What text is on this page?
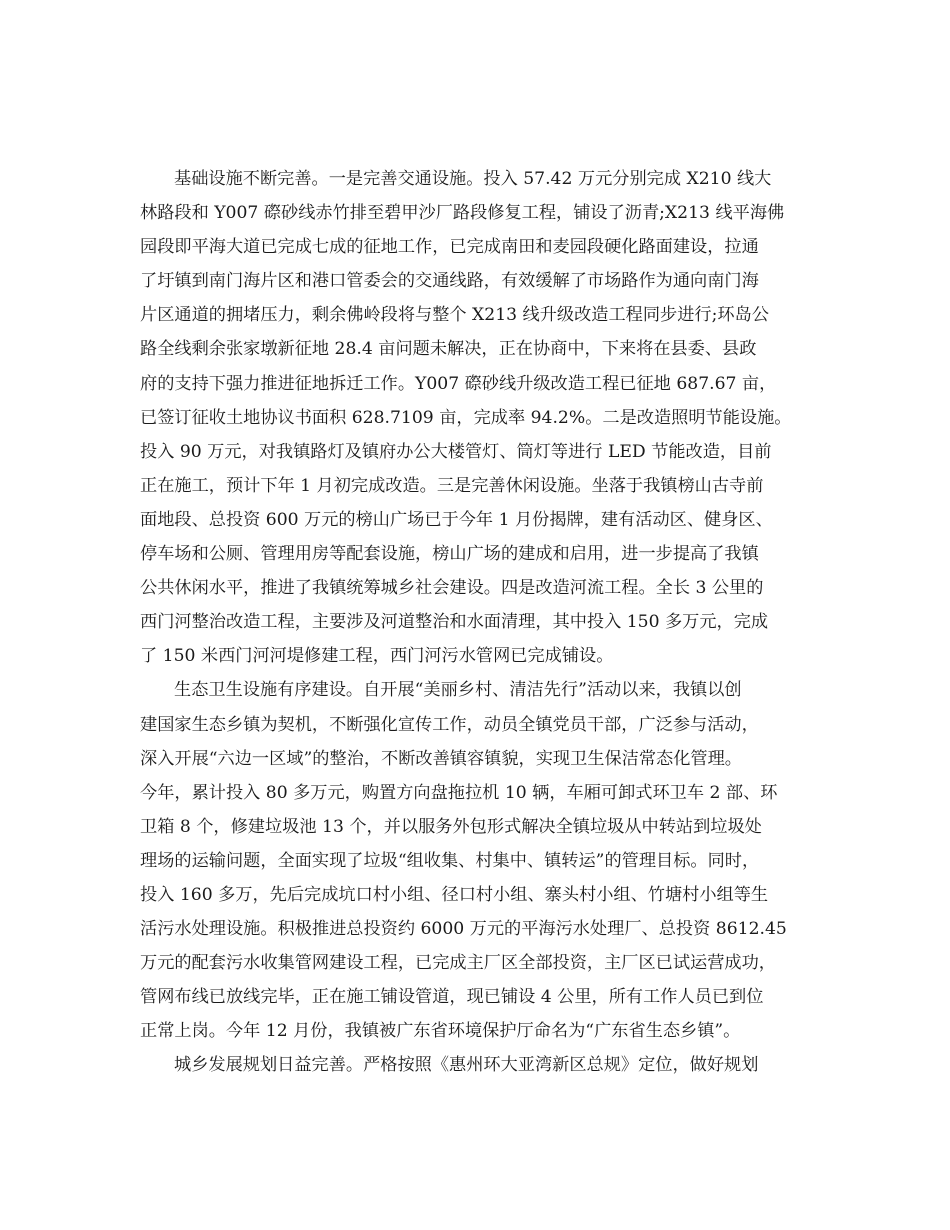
基础设施不断完善。一是完善交通设施。投入 57.42 万元分别完成 X210 线大
林路段和 Y007 磜砂线赤竹排至碧甲沙厂路段修复工程，铺设了沥青;X213 线平海佛
园段即平海大道已完成七成的征地工作，已完成南田和麦园段硬化路面建设，拉通
了圩镇到南门海片区和港口管委会的交通线路，有效缓解了市场路作为通向南门海
片区通道的拥堵压力，剩余佛岭段将与整个 X213 线升级改造工程同步进行;环岛公
路全线剩余张家墩新征地 28.4 亩问题未解决，正在协商中，下来将在县委、县政
府的支持下强力推进征地拆迁工作。Y007 磜砂线升级改造工程已征地 687.67 亩，
已签订征收土地协议书面积 628.7109 亩，完成率 94.2%。二是改造照明节能设施。
投入 90 万元，对我镇路灯及镇府办公大楼管灯、筒灯等进行 LED 节能改造，目前
正在施工，预计下年 1 月初完成改造。三是完善休闲设施。坐落于我镇榜山古寺前
面地段、总投资 600 万元的榜山广场已于今年 1 月份揭牌，建有活动区、健身区、
停车场和公厕、管理用房等配套设施，榜山广场的建成和启用，进一步提高了我镇
公共休闲水平，推进了我镇统筹城乡社会建设。四是改造河流工程。全长 3 公里的
西门河整治改造工程，主要涉及河道整治和水面清理，其中投入 150 多万元，完成
了 150 米西门河河堤修建工程，西门河污水管网已完成铺设。
生态卫生设施有序建设。自开展“美丽乡村、清洁先行”活动以来，我镇以创
建国家生态乡镇为契机，不断强化宣传工作，动员全镇党员干部，广泛参与活动，
深入开展“六边一区域”的整治，不断改善镇容镇貌，实现卫生保洁常态化管理。
今年，累计投入 80 多万元，购置方向盘拖拉机 10 辆，车厢可卸式环卫车 2 部、环
卫箱 8 个，修建垃圾池 13 个，并以服务外包形式解决全镇垃圾从中转站到垃圾处
理场的运输问题，全面实现了垃圾“组收集、村集中、镇转运”的管理目标。同时，
投入 160 多万，先后完成坑口村小组、径口村小组、寨头村小组、竹塘村小组等生
活污水处理设施。积极推进总投资约 6000 万元的平海污水处理厂、总投资 8612.45
万元的配套污水收集管网建设工程，已完成主厂区全部投资，主厂区已试运营成功，
管网布线已放线完毕，正在施工铺设管道，现已铺设 4 公里，所有工作人员已到位
正常上岗。今年 12 月份，我镇被广东省环境保护厅命名为“广东省生态乡镇”。
城乡发展规划日益完善。严格按照《惠州环大亚湾新区总规》定位，做好规划
